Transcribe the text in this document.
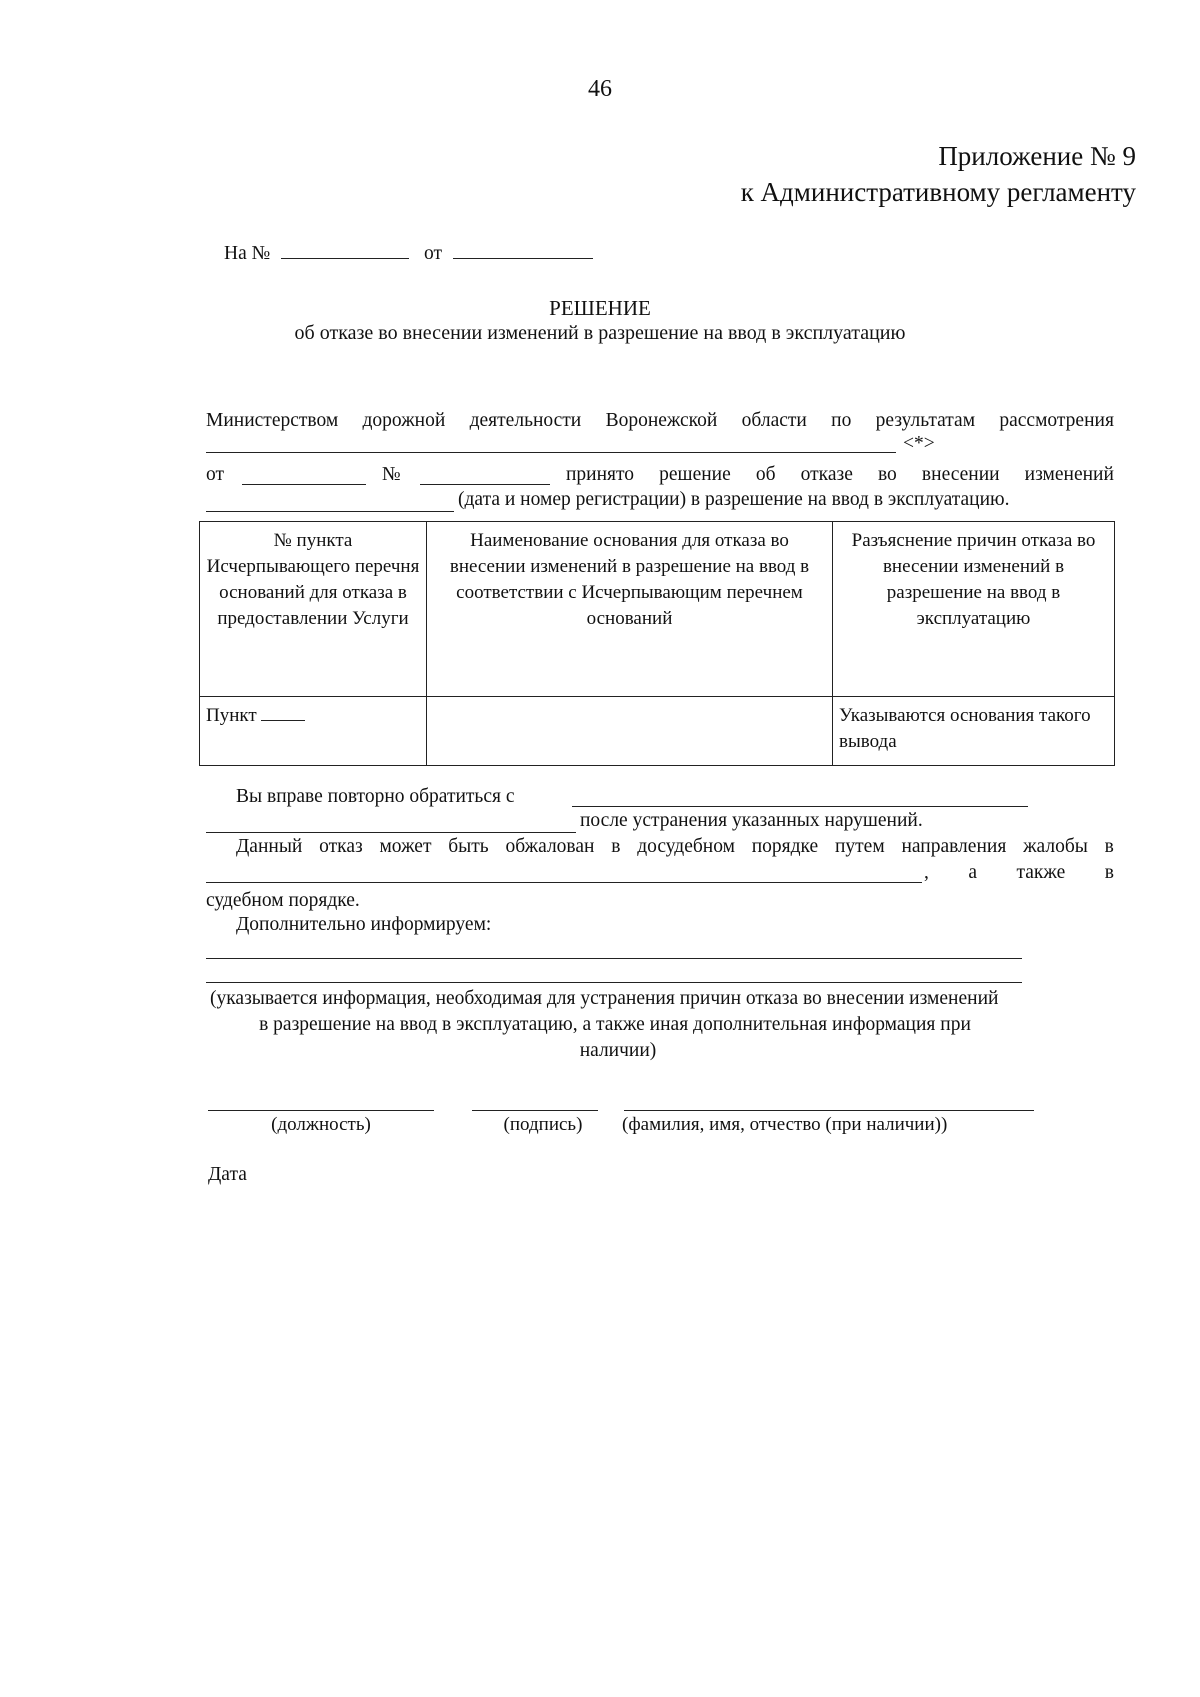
46
Приложение № 9
к Административному регламенту
На №	от
РЕШЕНИЕ
об отказе во внесении изменений в разрешение на ввод в эксплуатацию
Министерством дорожной деятельности Воронежской области по результатам рассмотрения
<*>
от	№	принято решение об отказе во внесении изменений
(дата и номер регистрации) в разрешение на ввод в эксплуатацию.
№ пункта Исчерпывающего перечня оснований для отказа в предоставлении Услуги	Наименование основания для отказа во внесении изменений в разрешение на ввод в соответствии с Исчерпывающим перечнем оснований	Разъяснение причин отказа во внесении изменений в разрешение на ввод в эксплуатацию
Пункт		Указываются основания такого вывода
Вы вправе повторно обратиться с
после устранения указанных нарушений.
Данный отказ может быть обжалован в досудебном порядке путем направления жалобы в
, а также в
судебном порядке.
Дополнительно информируем:
(указывается информация, необходимая для устранения причин отказа во внесении изменений
в разрешение на ввод в эксплуатацию, а также иная дополнительная информация при
наличии)
(должность)	(подпись)	(фамилия, имя, отчество (при наличии))
Дата
